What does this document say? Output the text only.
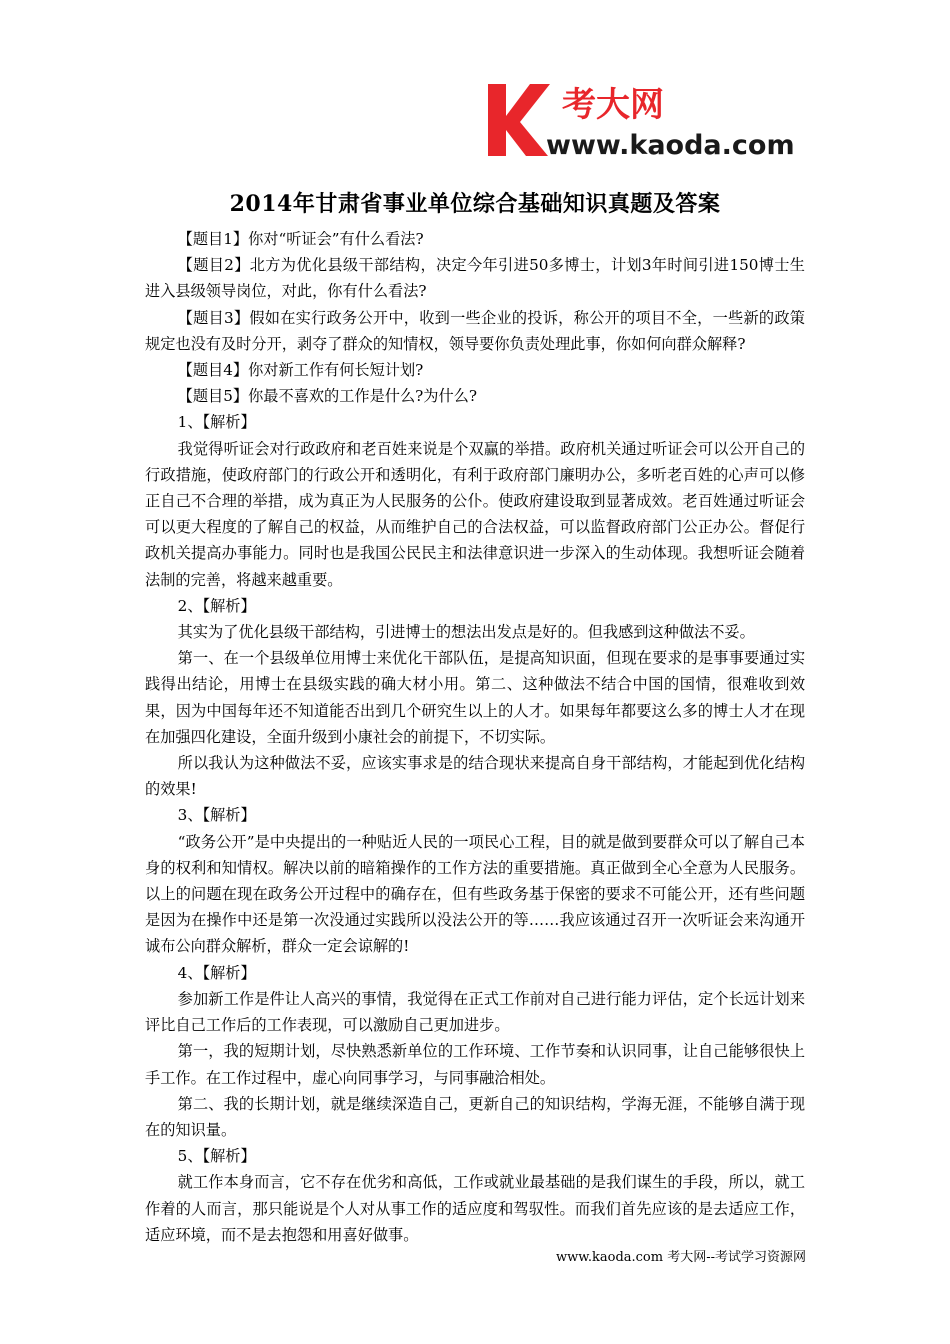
考大网
www.kaoda.com
2014年甘肃省事业单位综合基础知识真题及答案

【题目1】你对“听证会”有什么看法?

【题目2】北方为优化县级干部结构，决定今年引进50多博士，计划3年时间引进150博士生进入县级领导岗位，对此，你有什么看法?

【题目3】假如在实行政务公开中，收到一些企业的投诉，称公开的项目不全，一些新的政策规定也没有及时分开，剥夺了群众的知情权，领导要你负责处理此事，你如何向群众解释?

【题目4】你对新工作有何长短计划?

【题目5】你最不喜欢的工作是什么?为什么?

1、【解析】

我觉得听证会对行政政府和老百姓来说是个双赢的举措。政府机关通过听证会可以公开自己的行政措施，使政府部门的行政公开和透明化，有利于政府部门廉明办公，多听老百姓的心声可以修正自己不合理的举措，成为真正为人民服务的公仆。使政府建设取到显著成效。老百姓通过听证会可以更大程度的了解自己的权益，从而维护自己的合法权益，可以监督政府部门公正办公。督促行政机关提高办事能力。同时也是我国公民民主和法律意识进一步深入的生动体现。我想听证会随着法制的完善，将越来越重要。

2、【解析】

其实为了优化县级干部结构，引进博士的想法出发点是好的。但我感到这种做法不妥。

第一、在一个县级单位用博士来优化干部队伍，是提高知识面，但现在要求的是事事要通过实践得出结论，用博士在县级实践的确大材小用。第二、这种做法不结合中国的国情，很难收到效果，因为中国每年还不知道能否出到几个研究生以上的人才。如果每年都要这么多的博士人才在现在加强四化建设，全面升级到小康社会的前提下，不切实际。

所以我认为这种做法不妥，应该实事求是的结合现状来提高自身干部结构，才能起到优化结构的效果!

3、【解析】

“政务公开”是中央提出的一种贴近人民的一项民心工程，目的就是做到要群众可以了解自己本身的权利和知情权。解决以前的暗箱操作的工作方法的重要措施。真正做到全心全意为人民服务。以上的问题在现在政务公开过程中的确存在，但有些政务基于保密的要求不可能公开，还有些问题是因为在操作中还是第一次没通过实践所以没法公开的等……我应该通过召开一次听证会来沟通开诚布公向群众解析，群众一定会谅解的!

4、【解析】

参加新工作是件让人高兴的事情，我觉得在正式工作前对自己进行能力评估，定个长远计划来评比自己工作后的工作表现，可以激励自己更加进步。

第一，我的短期计划，尽快熟悉新单位的工作环境、工作节奏和认识同事，让自己能够很快上手工作。在工作过程中，虚心向同事学习，与同事融洽相处。

第二、我的长期计划，就是继续深造自己，更新自己的知识结构，学海无涯，不能够自满于现在的知识量。

5、【解析】

就工作本身而言，它不存在优劣和高低，工作或就业最基础的是我们谋生的手段，所以，就工作着的人而言，那只能说是个人对从事工作的适应度和驾驭性。而我们首先应该的是去适应工作，适应环境，而不是去抱怨和用喜好做事。

www.kaoda.com 考大网--考试学习资源网
